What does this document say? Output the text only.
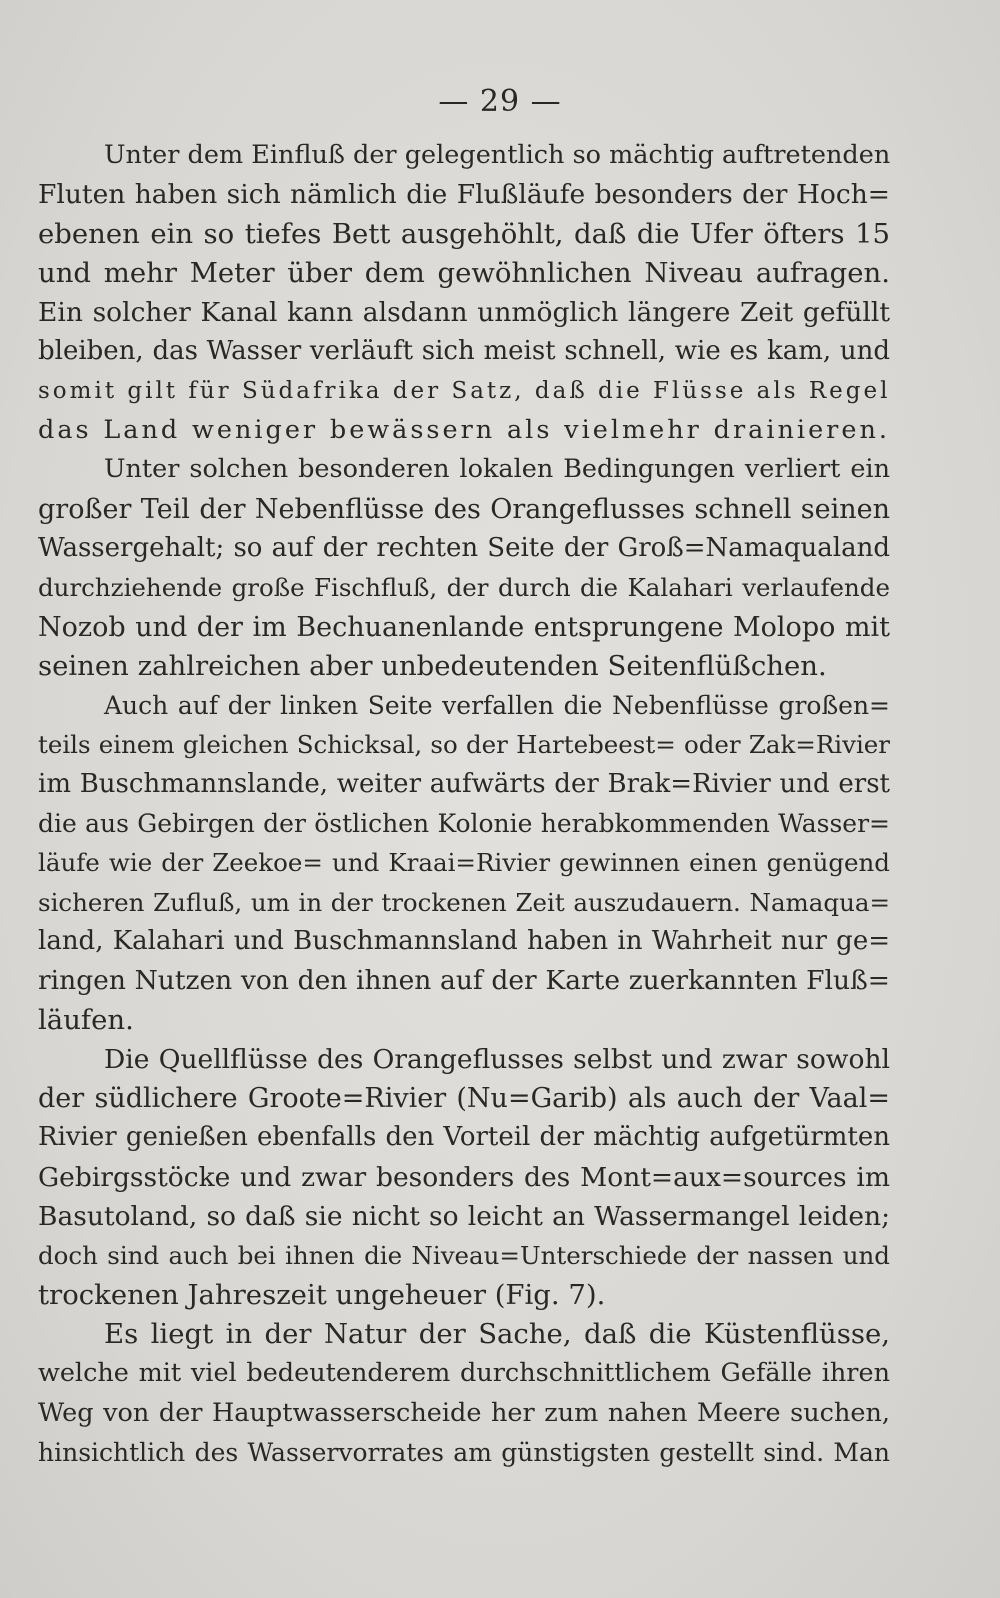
— 29 —
Unter dem Einfluß der gelegentlich so mächtig auftretenden
Fluten haben sich nämlich die Flußläufe besonders der Hoch=
ebenen ein so tiefes Bett ausgehöhlt, daß die Ufer öfters 15
und mehr Meter über dem gewöhnlichen Niveau aufragen.
Ein solcher Kanal kann alsdann unmöglich längere Zeit gefüllt
bleiben, das Wasser verläuft sich meist schnell, wie es kam, und
somit gilt für Südafrika der Satz, daß die Flüsse als Regel
das Land weniger bewässern als vielmehr drainieren.
Unter solchen besonderen lokalen Bedingungen verliert ein
großer Teil der Nebenflüsse des Orangeflusses schnell seinen
Wassergehalt; so auf der rechten Seite der Groß=Namaqualand
durchziehende große Fischfluß, der durch die Kalahari verlaufende
Nozob und der im Bechuanenlande entsprungene Molopo mit
seinen zahlreichen aber unbedeutenden Seitenflüßchen.
Auch auf der linken Seite verfallen die Nebenflüsse großen=
teils einem gleichen Schicksal, so der Hartebeest= oder Zak=Rivier
im Buschmannslande, weiter aufwärts der Brak=Rivier und erst
die aus Gebirgen der östlichen Kolonie herabkommenden Wasser=
läufe wie der Zeekoe= und Kraai=Rivier gewinnen einen genügend
sicheren Zufluß, um in der trockenen Zeit auszudauern. Namaqua=
land, Kalahari und Buschmannsland haben in Wahrheit nur ge=
ringen Nutzen von den ihnen auf der Karte zuerkannten Fluß=
läufen.
Die Quellflüsse des Orangeflusses selbst und zwar sowohl
der südlichere Groote=Rivier (Nu=Garib) als auch der Vaal=
Rivier genießen ebenfalls den Vorteil der mächtig aufgetürmten
Gebirgsstöcke und zwar besonders des Mont=aux=sources im
Basutoland, so daß sie nicht so leicht an Wassermangel leiden;
doch sind auch bei ihnen die Niveau=Unterschiede der nassen und
trockenen Jahreszeit ungeheuer (Fig. 7).
Es liegt in der Natur der Sache, daß die Küstenflüsse,
welche mit viel bedeutenderem durchschnittlichem Gefälle ihren
Weg von der Hauptwasserscheide her zum nahen Meere suchen,
hinsichtlich des Wasservorrates am günstigsten gestellt sind. Man
